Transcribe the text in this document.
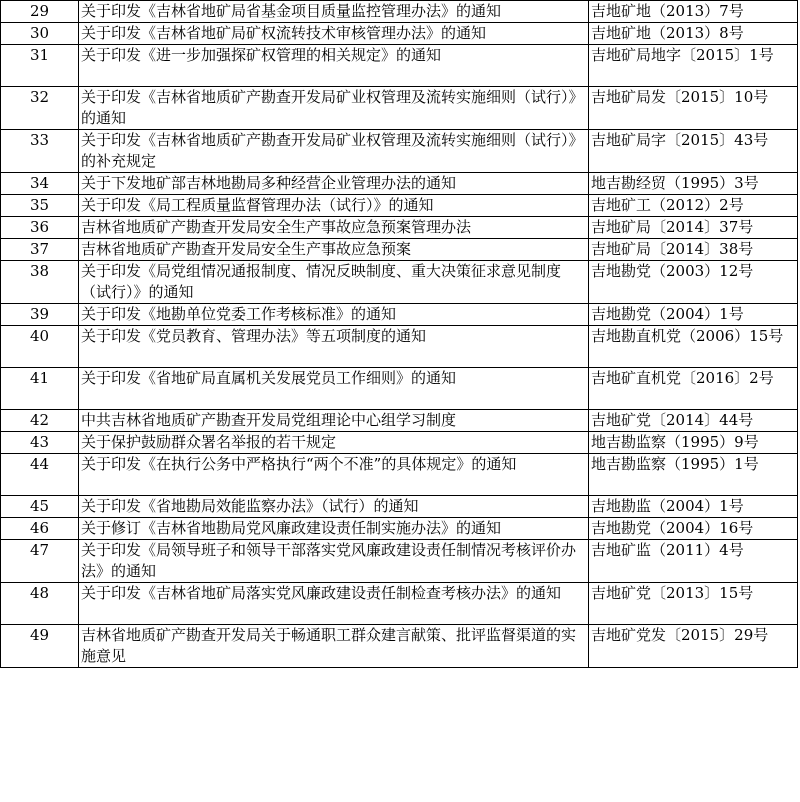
29	关于印发《吉林省地矿局省基金项目质量监控管理办法》的通知	吉地矿地（2013）7号
30	关于印发《吉林省地矿局矿权流转技术审核管理办法》的通知	吉地矿地（2013）8号
31	关于印发《进一步加强探矿权管理的相关规定》的通知	吉地矿局地字〔2015〕1号
32	关于印发《吉林省地质矿产勘查开发局矿业权管理及流转实施细则（试行）》的通知	吉地矿局发〔2015〕10号
33	关于印发《吉林省地质矿产勘查开发局矿业权管理及流转实施细则（试行）》的补充规定	吉地矿局字〔2015〕43号
34	关于下发地矿部吉林地勘局多种经营企业管理办法的通知	地吉勘经贸（1995）3号
35	关于印发《局工程质量监督管理办法（试行）》的通知	吉地矿工（2012）2号
36	吉林省地质矿产勘查开发局安全生产事故应急预案管理办法	吉地矿局〔2014〕37号
37	吉林省地质矿产勘查开发局安全生产事故应急预案	吉地矿局〔2014〕38号
38	关于印发《局党组情况通报制度、情况反映制度、重大决策征求意见制度（试行）》的通知	吉地勘党（2003）12号
39	关于印发《地勘单位党委工作考核标准》的通知	吉地勘党（2004）1号
40	关于印发《党员教育、管理办法》等五项制度的通知	吉地勘直机党（2006）15号
41	关于印发《省地矿局直属机关发展党员工作细则》的通知	吉地矿直机党〔2016〕2号
42	中共吉林省地质矿产勘查开发局党组理论中心组学习制度	吉地矿党〔2014〕44号
43	关于保护鼓励群众署名举报的若干规定	地吉勘监察（1995）9号
44	关于印发《在执行公务中严格执行“两个不准”的具体规定》的通知	地吉勘监察（1995）1号
45	关于印发《省地勘局效能监察办法》（试行）的通知	吉地勘监（2004）1号
46	关于修订《吉林省地勘局党风廉政建设责任制实施办法》的通知	吉地勘党（2004）16号
47	关于印发《局领导班子和领导干部落实党风廉政建设责任制情况考核评价办法》的通知	吉地矿监（2011）4号
48	关于印发《吉林省地矿局落实党风廉政建设责任制检查考核办法》的通知	吉地矿党〔2013〕15号
49	吉林省地质矿产勘查开发局关于畅通职工群众建言献策、批评监督渠道的实施意见	吉地矿党发〔2015〕29号
